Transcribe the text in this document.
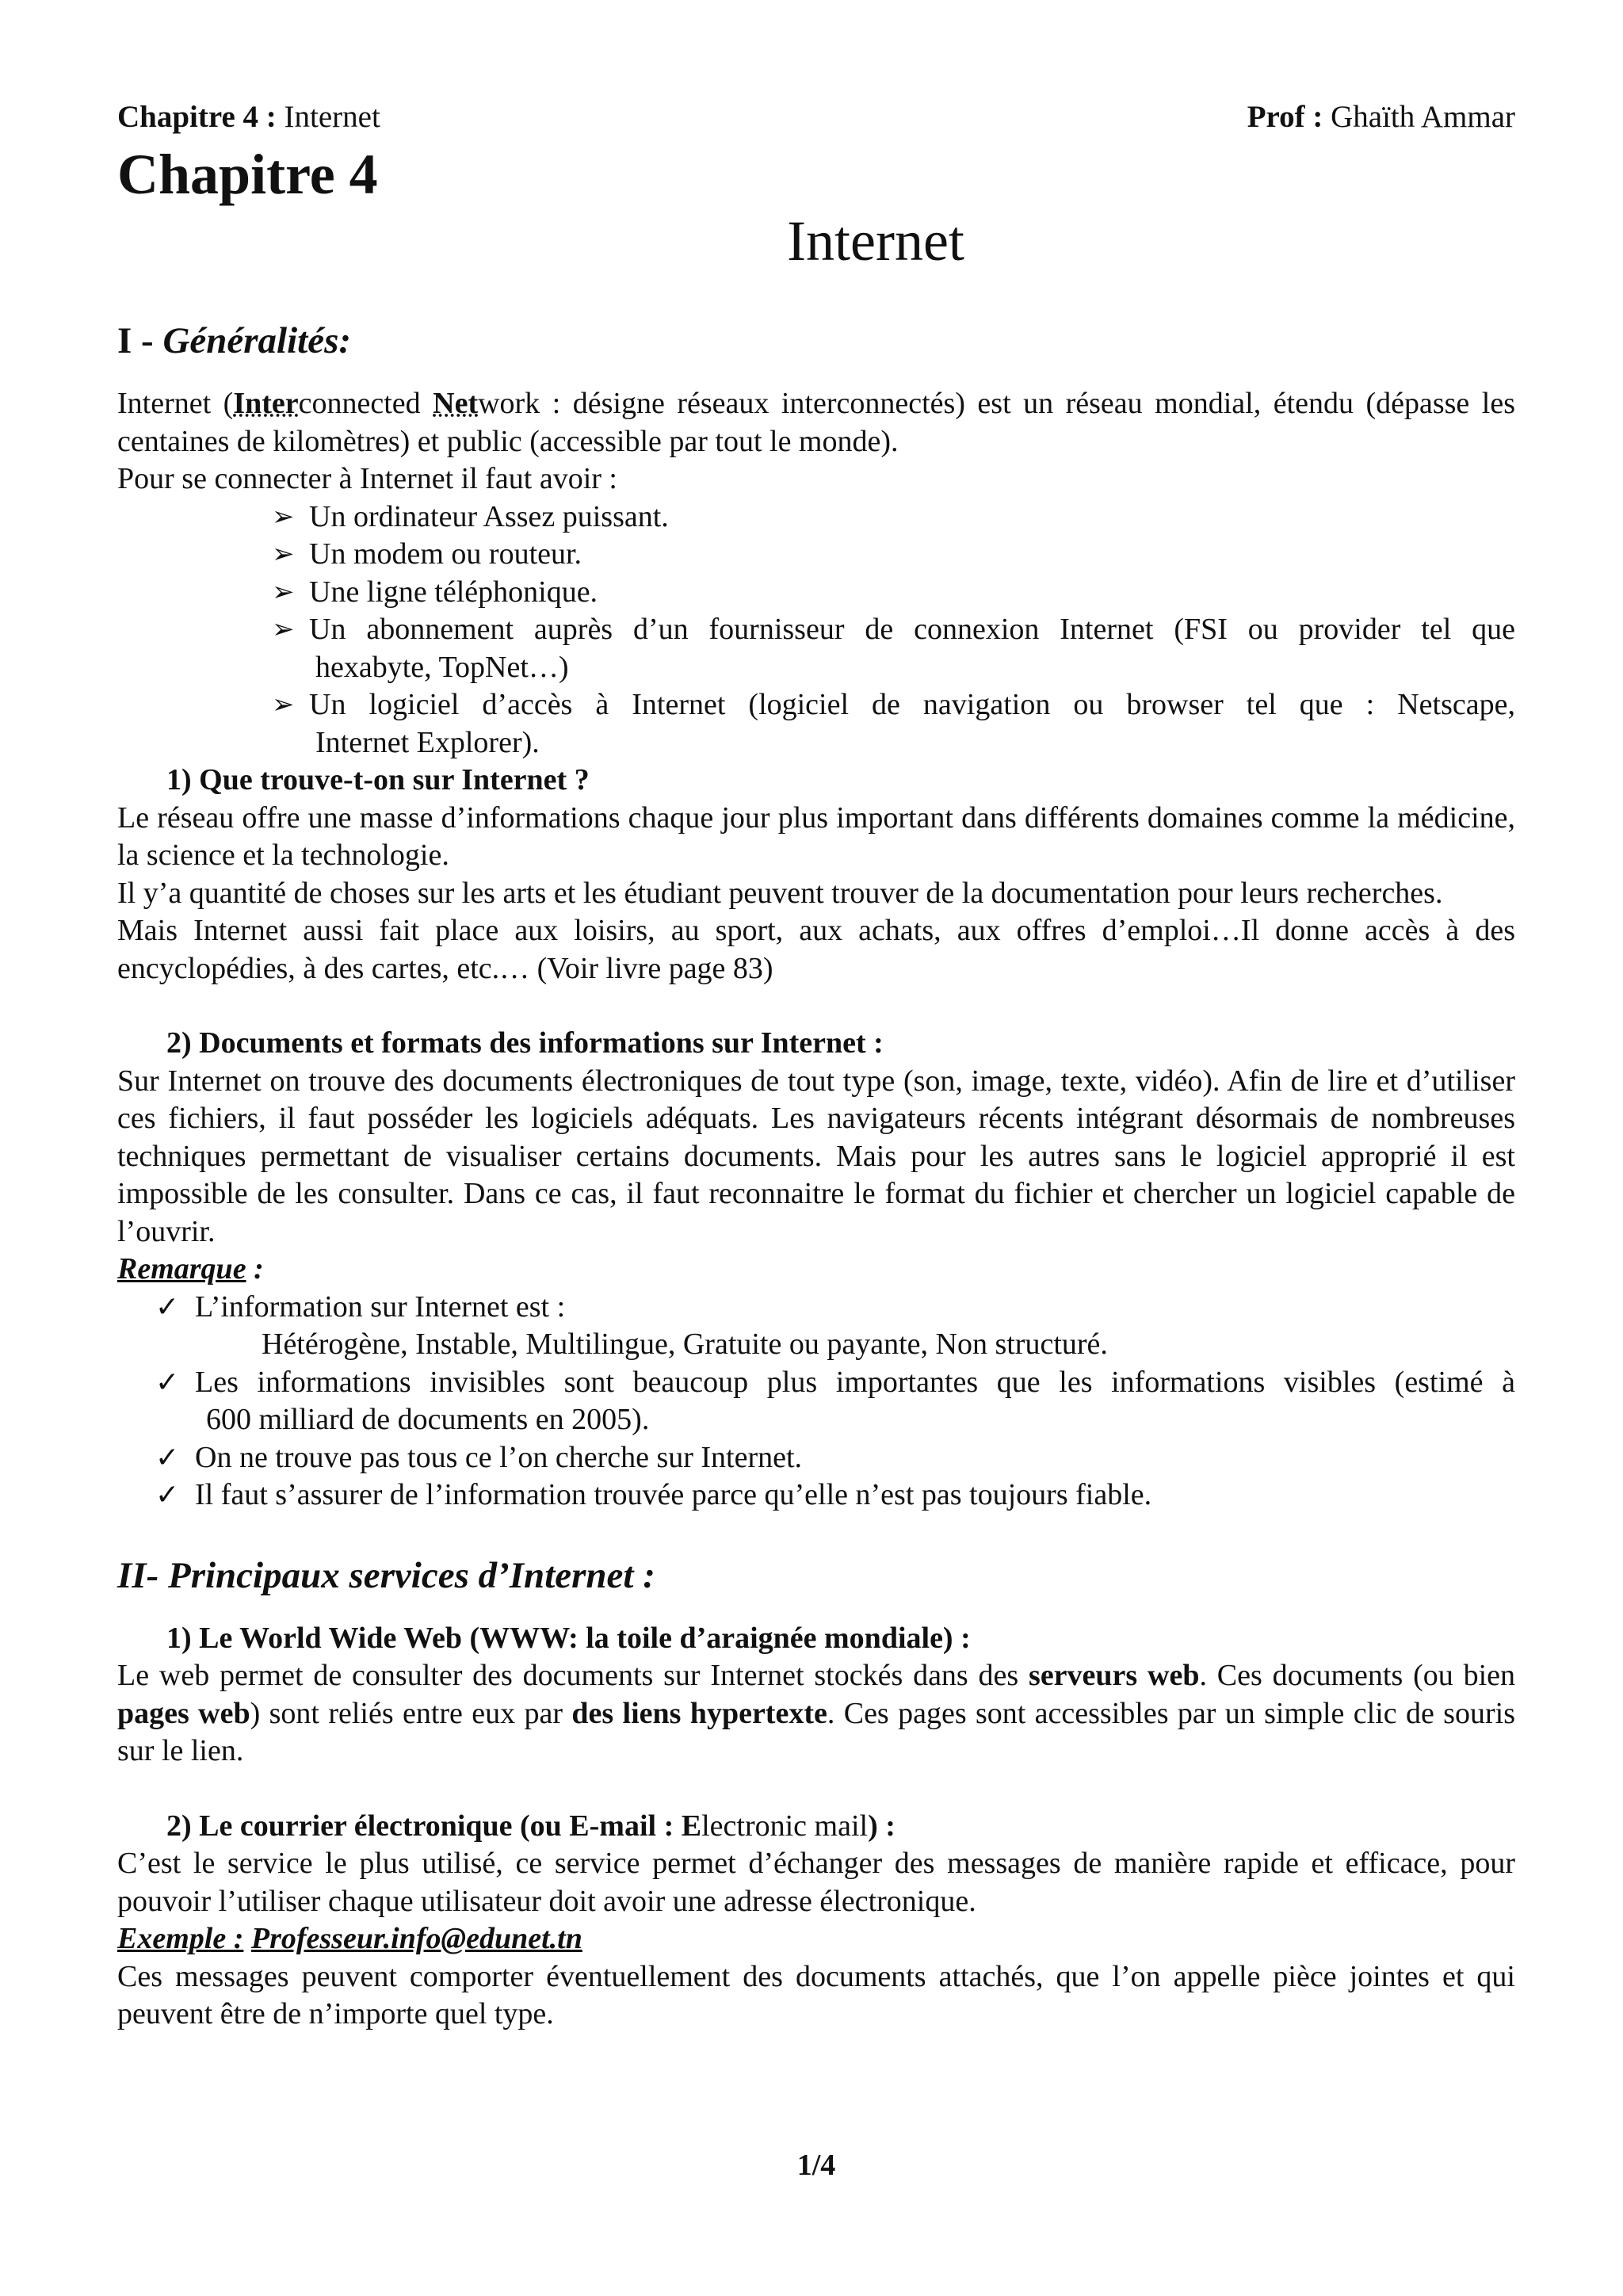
Chapitre 4 : Internet	Prof : Ghaïth Ammar
Chapitre 4
Internet
I - Généralités:
Internet (Interconnected Network : désigne réseaux interconnectés) est un réseau mondial, étendu (dépasse les centaines de kilomètres) et public (accessible par tout le monde).
Pour se connecter à Internet il faut avoir :
➢ Un ordinateur Assez puissant.
➢ Un modem ou routeur.
➢ Une ligne téléphonique.
➢ Un abonnement auprès d’un fournisseur de connexion Internet (FSI ou provider tel que
hexabyte, TopNet…)
➢ Un logiciel d’accès à Internet (logiciel de navigation ou browser tel que : Netscape,
Internet Explorer).
1) Que trouve-t-on sur Internet ?
Le réseau offre une masse d’informations chaque jour plus important dans différents domaines comme la médicine, la science et la technologie.
Il y’a quantité de choses sur les arts et les étudiant peuvent trouver de la documentation pour leurs recherches.
Mais Internet aussi fait place aux loisirs, au sport, aux achats, aux offres d’emploi…Il donne accès à des encyclopédies, à des cartes, etc.… (Voir livre page 83)
2) Documents et formats des informations sur Internet :
Sur Internet on trouve des documents électroniques de tout type (son, image, texte, vidéo). Afin de lire et d’utiliser ces fichiers, il faut posséder les logiciels adéquats. Les navigateurs récents intégrant désormais de nombreuses techniques permettant de visualiser certains documents. Mais pour les autres sans le logiciel approprié il est impossible de les consulter. Dans ce cas, il faut reconnaitre le format du fichier et chercher un logiciel capable de l’ouvrir.
Remarque :
✓ L’information sur Internet est :
Hétérogène, Instable, Multilingue, Gratuite ou payante, Non structuré.
✓ Les informations invisibles sont beaucoup plus importantes que les informations visibles (estimé à
600 milliard de documents en 2005).
✓ On ne trouve pas tous ce l’on cherche sur Internet.
✓ Il faut s’assurer de l’information trouvée parce qu’elle n’est pas toujours fiable.
II- Principaux services d’Internet :
1) Le World Wide Web (WWW: la toile d’araignée mondiale) :
Le web permet de consulter des documents sur Internet stockés dans des serveurs web. Ces documents (ou bien pages web) sont reliés entre eux par des liens hypertexte. Ces pages sont accessibles par un simple clic de souris sur le lien.
2) Le courrier électronique (ou E-mail : Electronic mail) :
C’est le service le plus utilisé, ce service permet d’échanger des messages de manière rapide et efficace, pour pouvoir l’utiliser chaque utilisateur doit avoir une adresse électronique.
Exemple : Professeur.info@edunet.tn
Ces messages peuvent comporter éventuellement des documents attachés, que l’on appelle pièce jointes et qui peuvent être de n’importe quel type.
1/4
